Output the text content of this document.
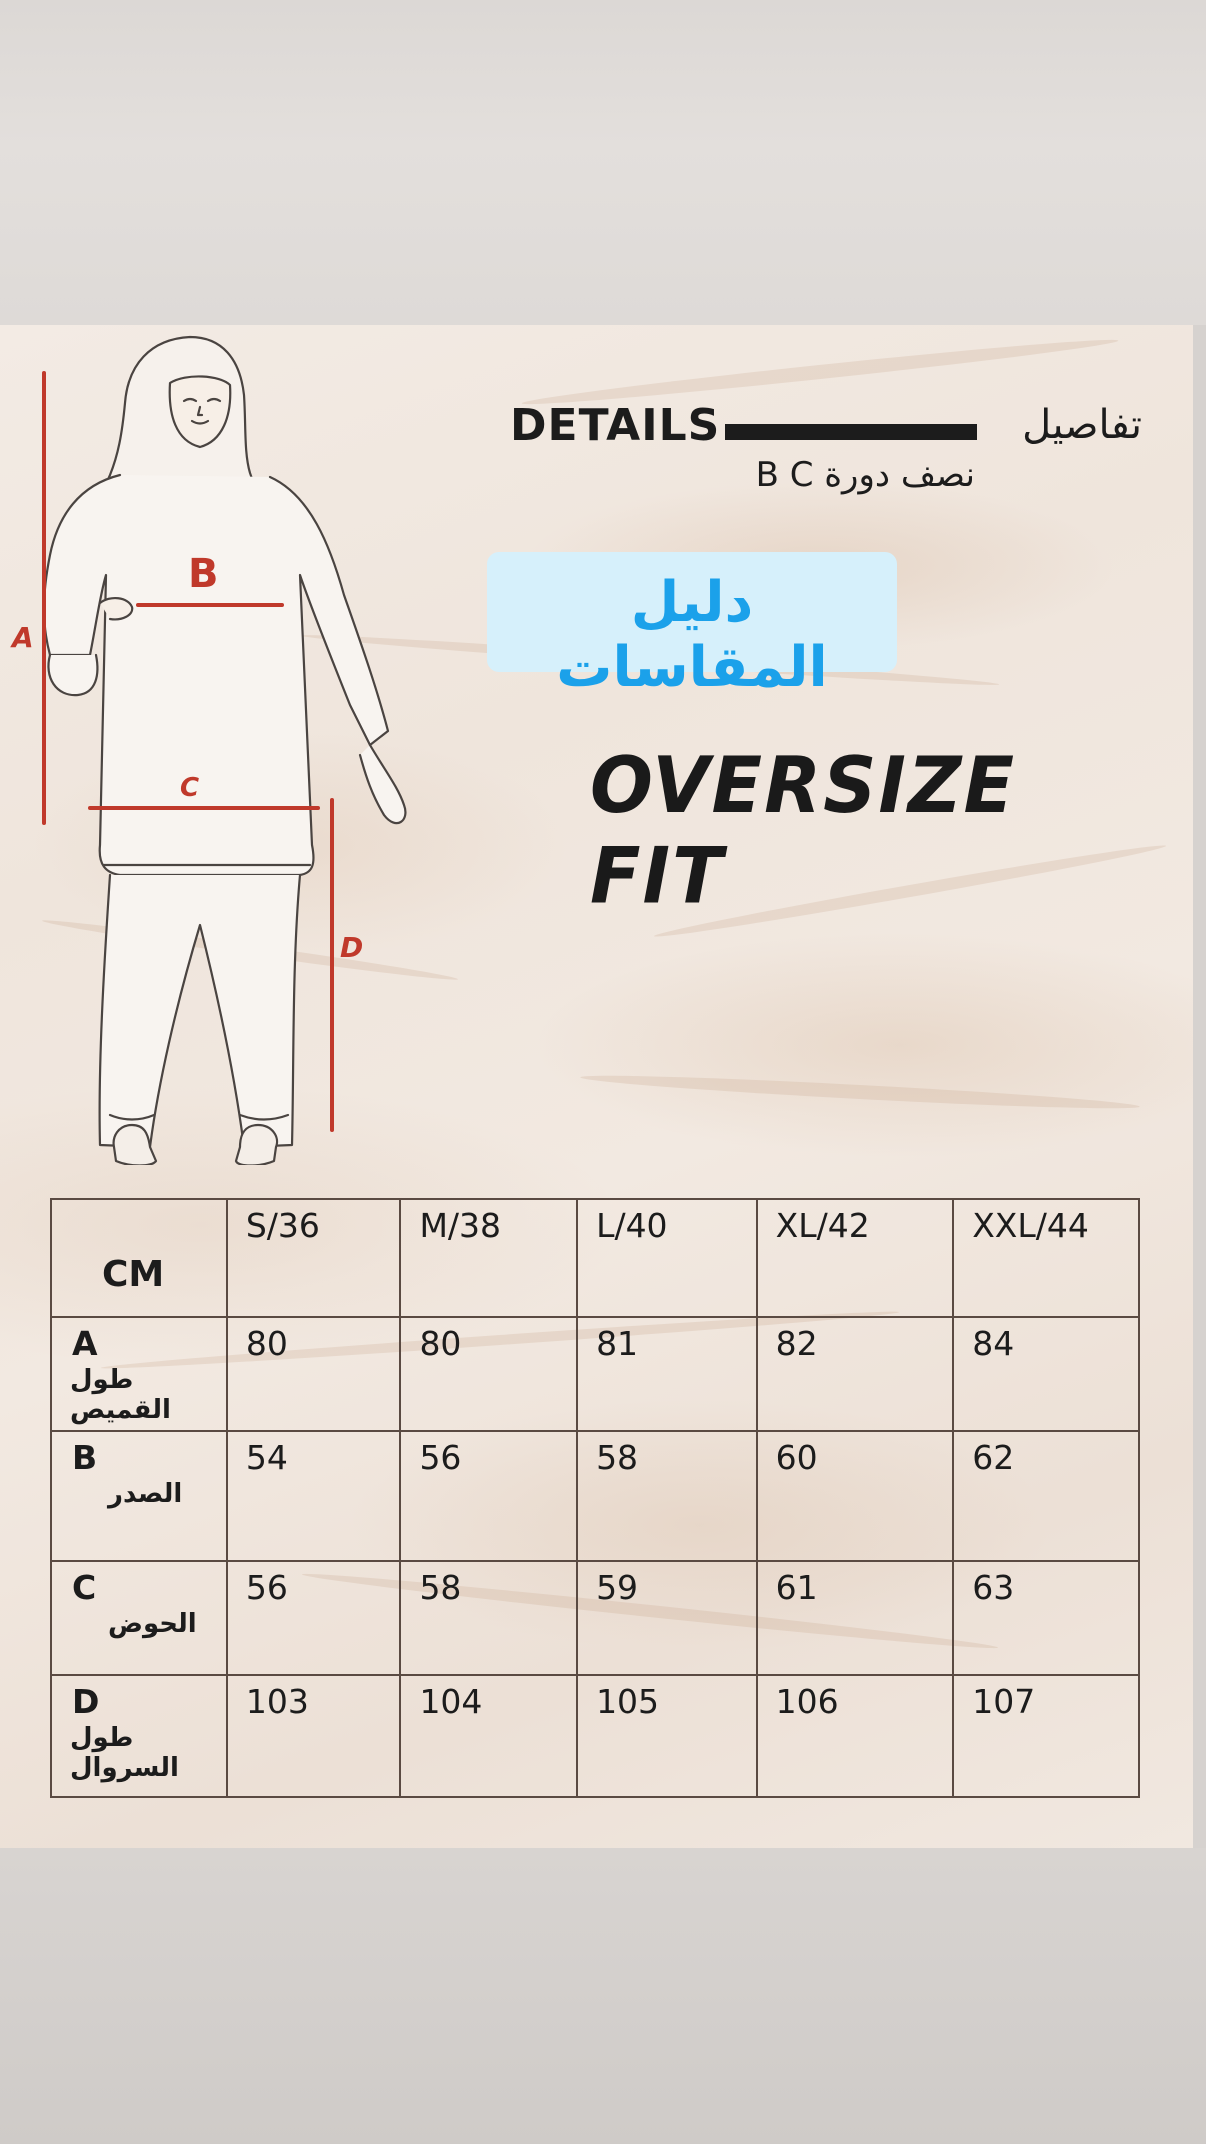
A
B
C
D
DETAILS	تفاصيل
نصف دورة B C
دليل المقاسات
OVERSIZE FIT
CM	S/36	M/38	L/40	XL/42	XXL/44

A
طول القميص	80	80	81	82	84

B
الصدر	54	56	58	60	62

C
الحوض	56	58	59	61	63

D
طول السروال	103	104	105	106	107
